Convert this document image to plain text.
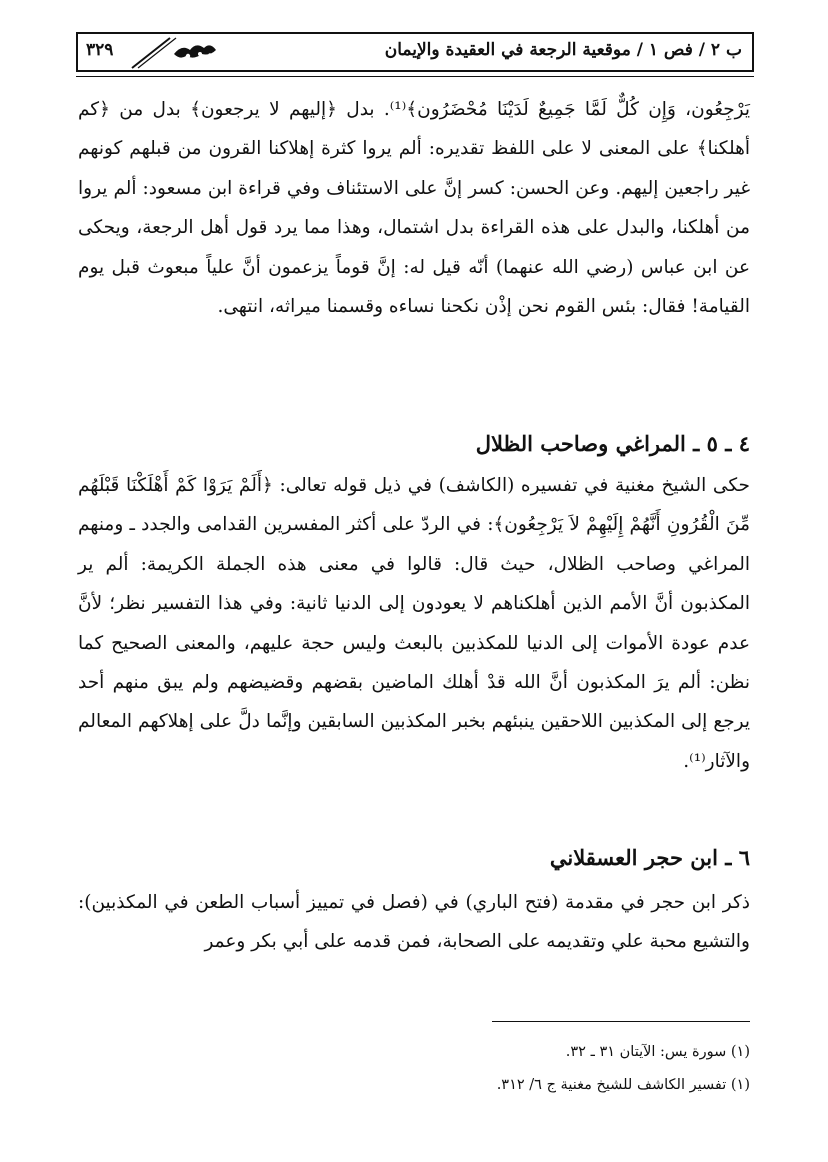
ب ٢ / فص ١ / موقعية الرجعة في العقيدة والإيمان
٣٢٩

يَرْجِعُون، وَإِن كُلٌّ لَمَّا جَمِيعٌ لَدَيْنَا مُحْضَرُون﴾⁽¹⁾. بدل ﴿إليهم لا يرجعون﴾ بدل من ﴿كم أهلكنا﴾ على المعنى لا على اللفظ تقديره: ألم يروا كثرة إهلاكنا القرون من قبلهم كونهم غير راجعين إليهم. وعن الحسن: كسر إنَّ على الاستئناف وفي قراءة ابن مسعود: ألم يروا من أهلكنا، والبدل على هذه القراءة بدل اشتمال، وهذا مما يرد قول أهل الرجعة، ويحكى عن ابن عباس (رضي الله عنهما) أنّه قيل له: إنَّ قوماً يزعمون أنَّ علياً مبعوث قبل يوم القيامة! فقال: بئس القوم نحن إذْن نكحنا نساءه وقسمنا ميراثه، انتهى.

٤ ـ ٥ ـ المراغي وصاحب الظلال

حكى الشيخ مغنية في تفسيره (الكاشف) في ذيل قوله تعالى: ﴿أَلَمْ يَرَوْا كَمْ أَهْلَكْنَا قَبْلَهُم مِّنَ الْقُرُونِ أَنَّهُمْ إِلَيْهِمْ لاَ يَرْجِعُون﴾: في الردّ على أكثر المفسرين القدامى والجدد ـ ومنهم المراغي وصاحب الظلال، حيث قال: قالوا في معنى هذه الجملة الكريمة: ألم ير المكذبون أنَّ الأمم الذين أهلكناهم لا يعودون إلى الدنيا ثانية: وفي هذا التفسير نظر؛ لأنَّ عدم عودة الأموات إلى الدنيا للمكذبين بالبعث وليس حجة عليهم، والمعنى الصحيح كما نظن: ألم يرَ المكذبون أنَّ الله قدْ أهلك الماضين بقضهم وقضيضهم ولم يبق منهم أحد يرجع إلى المكذبين اللاحقين ينبئهم بخبر المكذبين السابقين وإنَّما دلَّ على إهلاكهم المعالم والآثار⁽¹⁾.

٦ ـ ابن حجر العسقلاني

ذكر ابن حجر في مقدمة (فتح الباري) في (فصل في تمييز أسباب الطعن في المكذبين): والتشيع محبة علي وتقديمه على الصحابة، فمن قدمه على أبي بكر وعمر

(١) سورة يس: الآيتان ٣١ ـ ٣٢.
(١) تفسير الكاشف للشيخ مغنية ج ٦/ ٣١٢.
